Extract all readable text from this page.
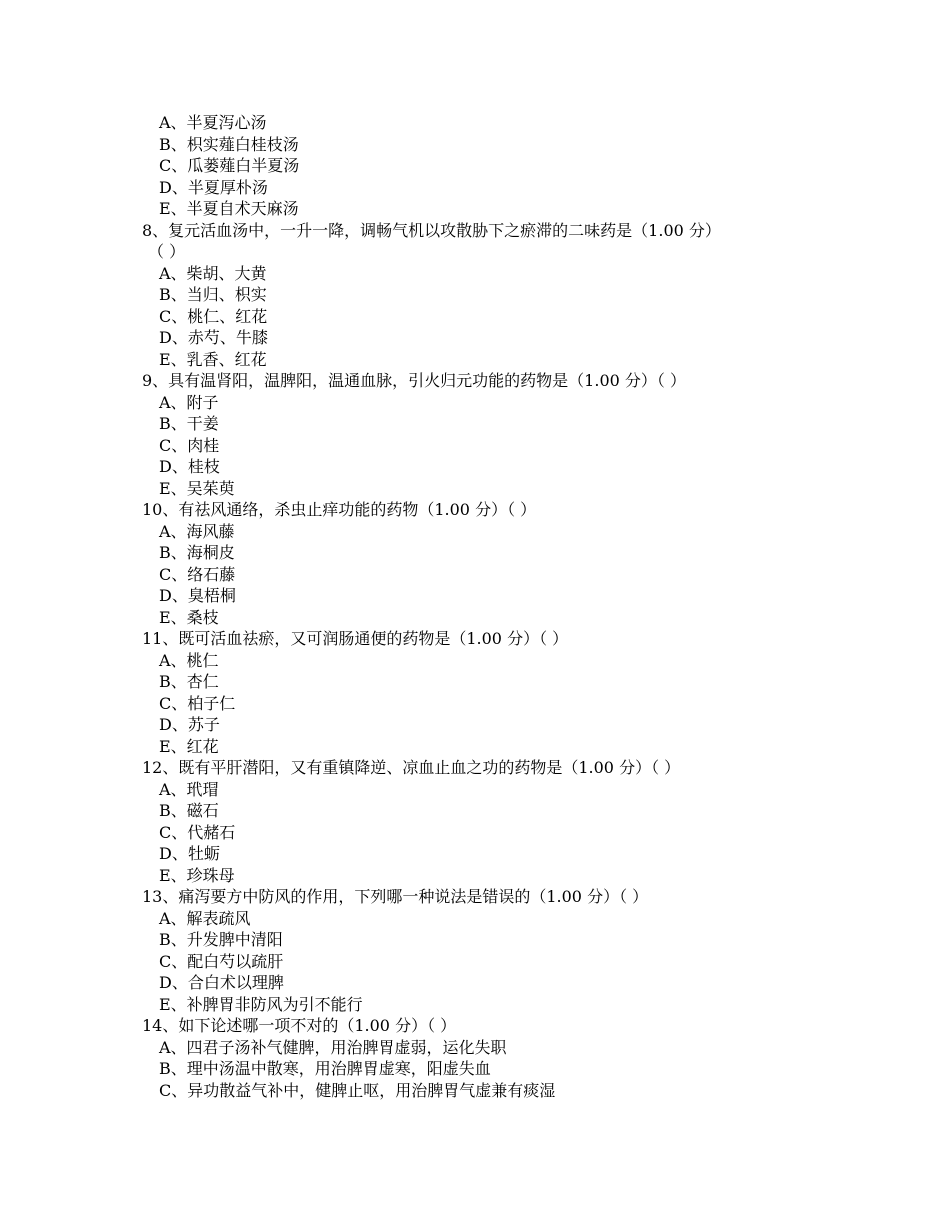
A、半夏泻心汤
B、枳实薤白桂枝汤
C、瓜蒌薤白半夏汤
D、半夏厚朴汤
E、半夏自术天麻汤
8、复元活血汤中，一升一降，调畅气机以攻散胁下之瘀滞的二味药是（1.00 分）
（ ）
A、柴胡、大黄
B、当归、枳实
C、桃仁、红花
D、赤芍、牛膝
E、乳香、红花
9、具有温肾阳，温脾阳，温通血脉，引火归元功能的药物是（1.00 分）（ ）
A、附子
B、干姜
C、肉桂
D、桂枝
E、吴茱萸
10、有祛风通络，杀虫止痒功能的药物（1.00 分）（ ）
A、海风藤
B、海桐皮
C、络石藤
D、臭梧桐
E、桑枝
11、既可活血祛瘀，又可润肠通便的药物是（1.00 分）（ ）
A、桃仁
B、杏仁
C、柏子仁
D、苏子
E、红花
12、既有平肝潜阳，又有重镇降逆、凉血止血之功的药物是（1.00 分）（ ）
A、玳瑁
B、磁石
C、代赭石
D、牡蛎
E、珍珠母
13、痛泻要方中防风的作用，下列哪一种说法是错误的（1.00 分）（ ）
A、解表疏风
B、升发脾中清阳
C、配白芍以疏肝
D、合白术以理脾
E、补脾胃非防风为引不能行
14、如下论述哪一项不对的（1.00 分）（ ）
A、四君子汤补气健脾，用治脾胃虚弱，运化失职
B、理中汤温中散寒，用治脾胃虚寒，阳虚失血
C、异功散益气补中，健脾止呕，用治脾胃气虚兼有痰湿
